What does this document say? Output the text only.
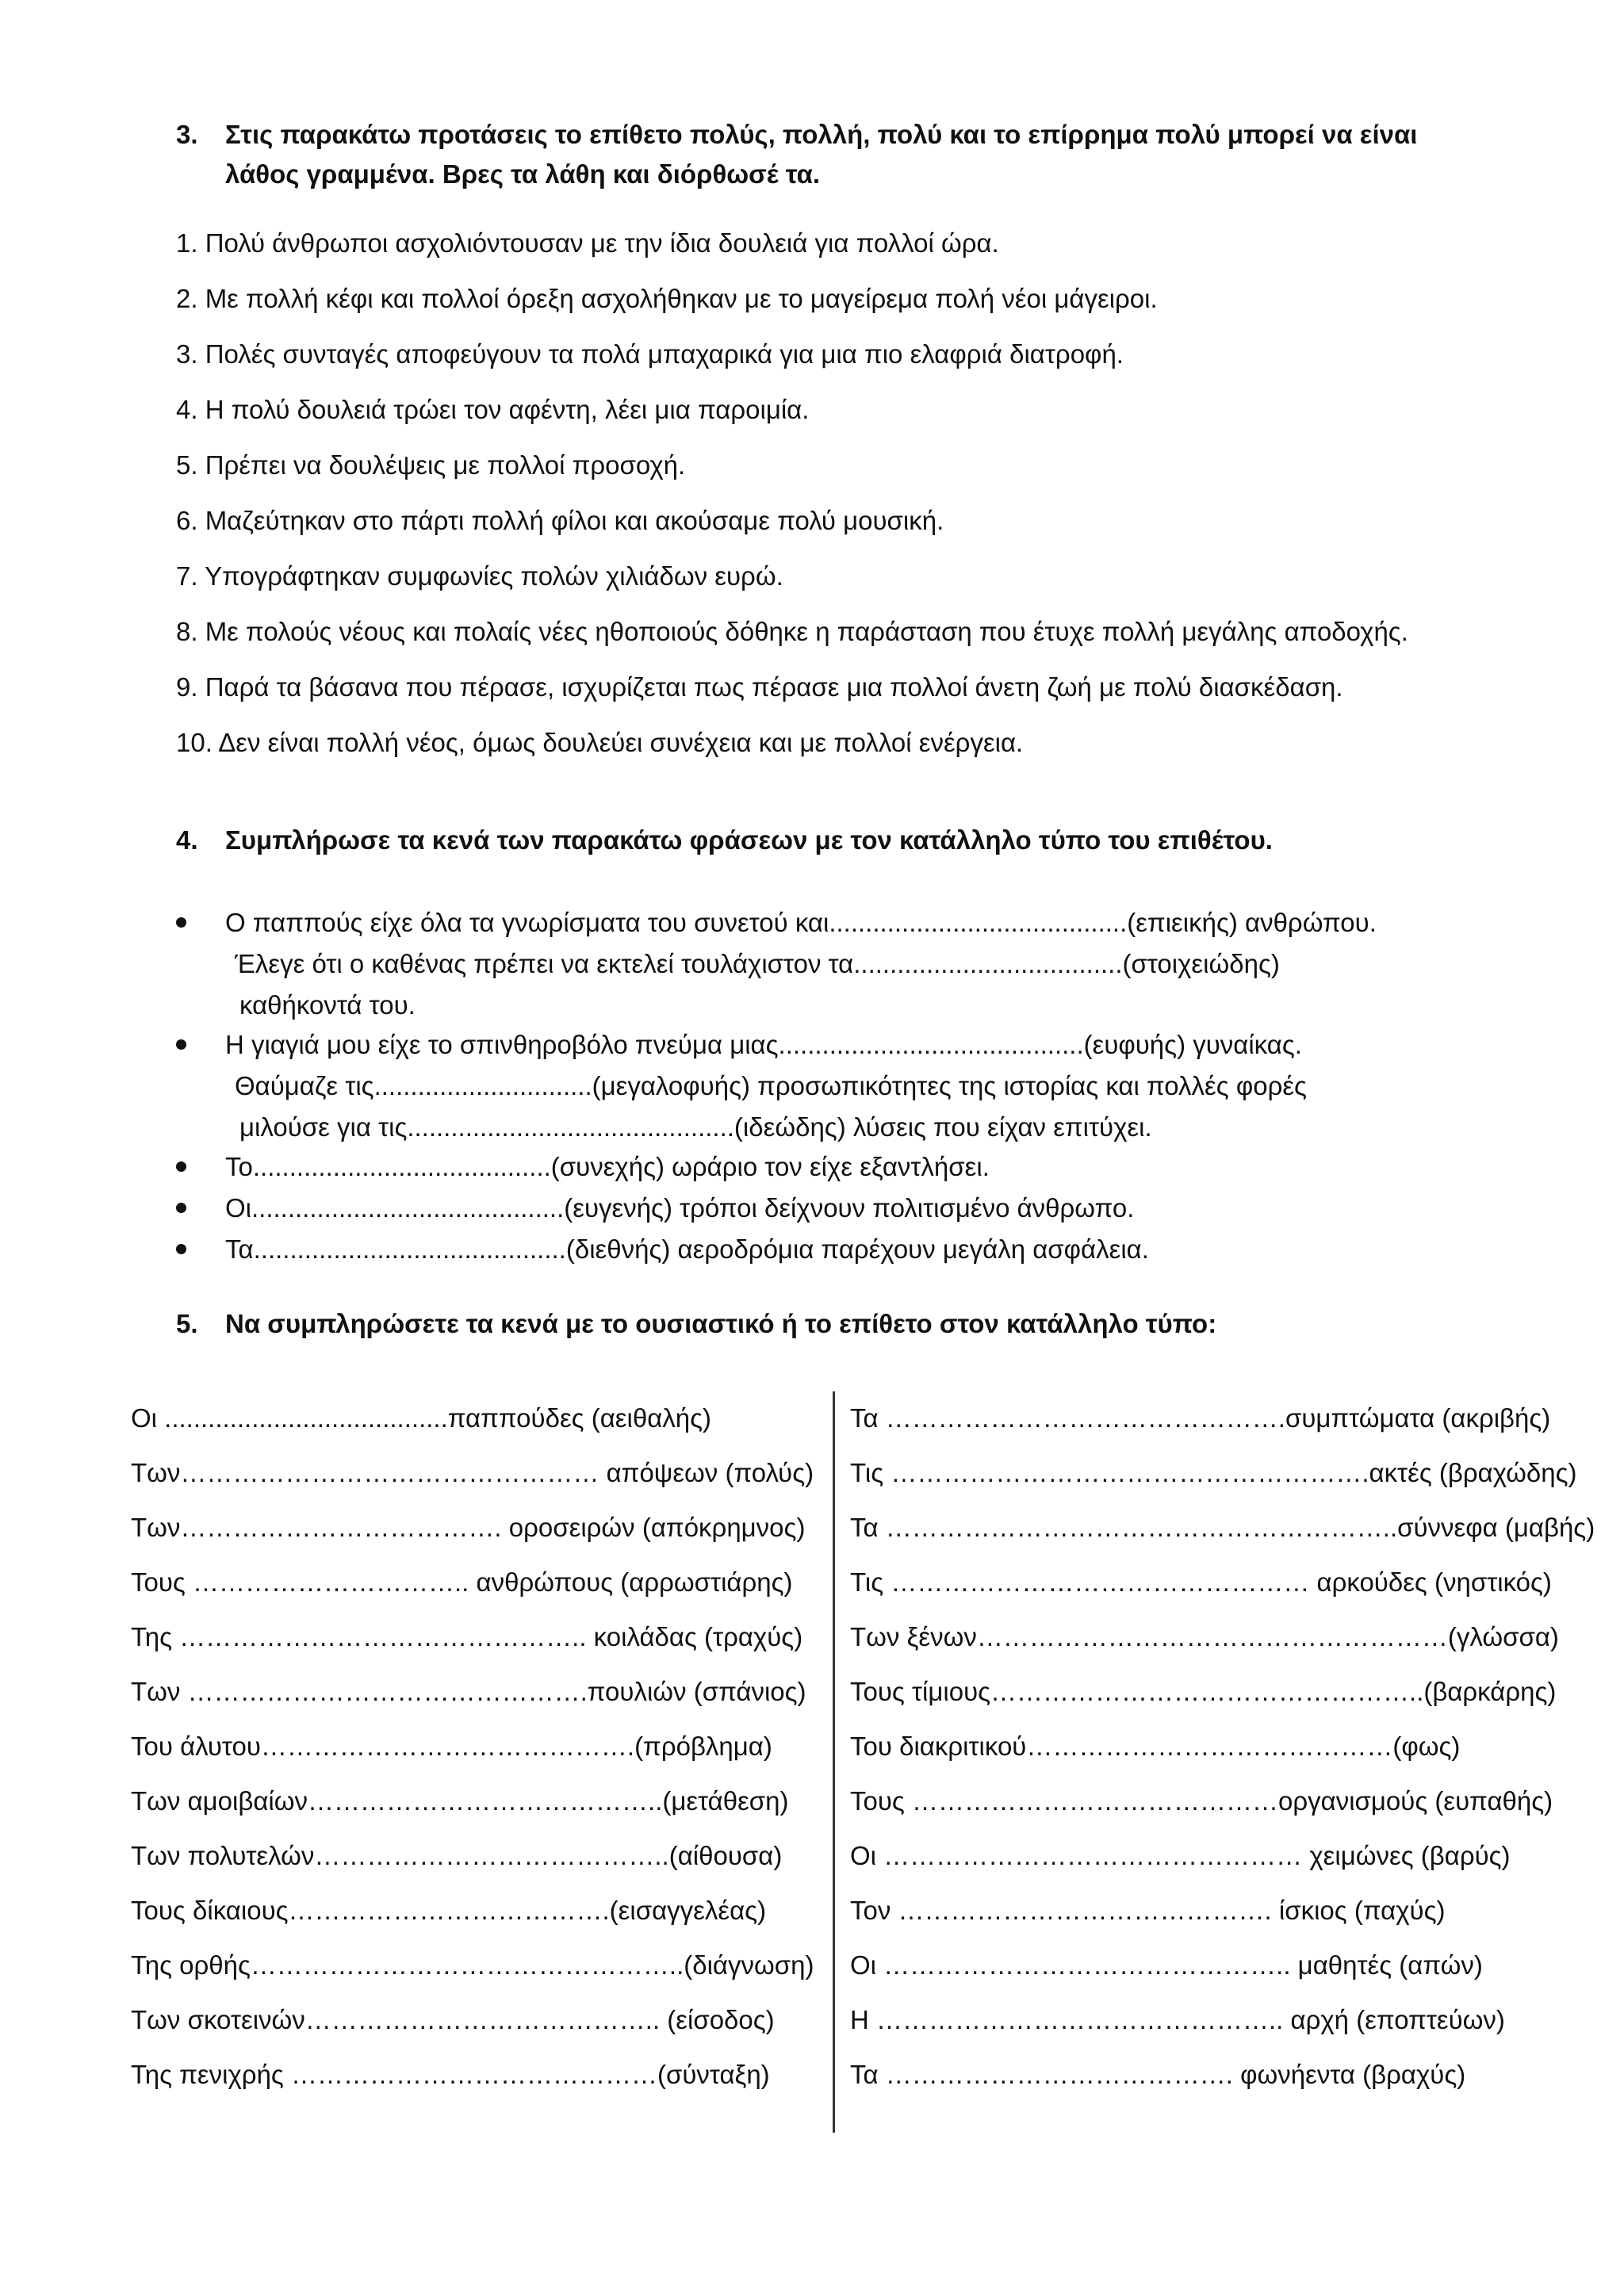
3.	Στις παρακάτω προτάσεις το επίθετο πολύς, πολλή, πολύ και το επίρρημα πολύ μπορεί να είναι λάθος γραμμένα. Βρες τα λάθη και διόρθωσέ τα.
1. Πολύ άνθρωποι ασχολιόντουσαν με την ίδια δουλειά για πολλοί ώρα.
2. Με πολλή κέφι και πολλοί όρεξη ασχολήθηκαν με το μαγείρεμα πολή νέοι μάγειροι.
3. Πολές συνταγές αποφεύγουν τα πολά μπαχαρικά για μια πιο ελαφριά διατροφή.
4. Η πολύ δουλειά τρώει τον αφέντη, λέει μια παροιμία.
5. Πρέπει να δουλέψεις με πολλοί προσοχή.
6. Μαζεύτηκαν στο πάρτι πολλή φίλοι και ακούσαμε πολύ μουσική.
7. Υπογράφτηκαν συμφωνίες πολών χιλιάδων ευρώ.
8. Με πολούς νέους και πολαίς νέες ηθοποιούς δόθηκε η παράσταση που έτυχε πολλή μεγάλης αποδοχής.
9. Παρά τα βάσανα που πέρασε, ισχυρίζεται πως πέρασε μια πολλοί άνετη ζωή με πολύ διασκέδαση.
10. Δεν είναι πολλή νέος, όμως δουλεύει συνέχεια και με πολλοί ενέργεια.
4.	Συμπλήρωσε τα κενά των παρακάτω φράσεων με τον κατάλληλο τύπο του επιθέτου.
Ο παππούς είχε όλα τα γνωρίσματα του συνετού και.........................................(επιεικής) ανθρώπου.
Έλεγε ότι ο καθένας πρέπει να εκτελεί τουλάχιστον τα.....................................(στοιχειώδης)
καθήκοντά του.
Η γιαγιά μου είχε το σπινθηροβόλο πνεύμα μιας..........................................(ευφυής) γυναίκας.
Θαύμαζε τις..............................(μεγαλοφυής) προσωπικότητες της ιστορίας και πολλές φορές
μιλούσε για τις.............................................(ιδεώδης) λύσεις που είχαν επιτύχει.
Το.........................................(συνεχής) ωράριο τον είχε εξαντλήσει.
Οι...........................................(ευγενής) τρόποι δείχνουν πολιτισμένο άνθρωπο.
Τα...........................................(διεθνής) αεροδρόμια παρέχουν μεγάλη ασφάλεια.
5.	Να συμπληρώσετε τα κενά με το ουσιαστικό ή το επίθετο στον κατάλληλο τύπο:
Οι .......................................παππούδες (αειθαλής)
Των………………………………………… απόψεων (πολύς)
Των………………………………. οροσειρών (απόκρημνος)
Τους ………………………….. ανθρώπους (αρρωστιάρης)
Της ……………………………………….. κοιλάδας (τραχύς)
Των ……………………………………….πουλιών (σπάνιος)
Του άλυτου…………………………………….(πρόβλημα)
Των αμοιβαίων…………………………………..(μετάθεση)
Των πολυτελών…………………………………..(αίθουσα)
Τους δίκαιους……………………………….(εισαγγελέας)
Της ορθής…………………………………………..(διάγνωση)
Των σκοτεινών………………………………….. (είσοδος)
Της πενιχρής ……………………………………(σύνταξη)
Τα ……………………………………….συμπτώματα (ακριβής)
Τις ……………………………………………….ακτές (βραχώδης)
Τα …………………………………………………..σύννεφα (μαβής)
Τις ………………………………………… αρκούδες (νηστικός)
Των ξένων………………………………………………(γλώσσα)
Τους τίμιους…………………………………………..(βαρκάρης)
Του διακριτικού……………………………………(φως)
Τους ……………………………………οργανισμούς (ευπαθής)
Οι ………………………………………… χειμώνες (βαρύς)
Τον ……………………………………. ίσκιος (παχύς)
Οι ……………………………………….. μαθητές (απών)
Η ……………………………………….. αρχή (εποπτεύων)
Τα …………………………………. φωνήεντα (βραχύς)
